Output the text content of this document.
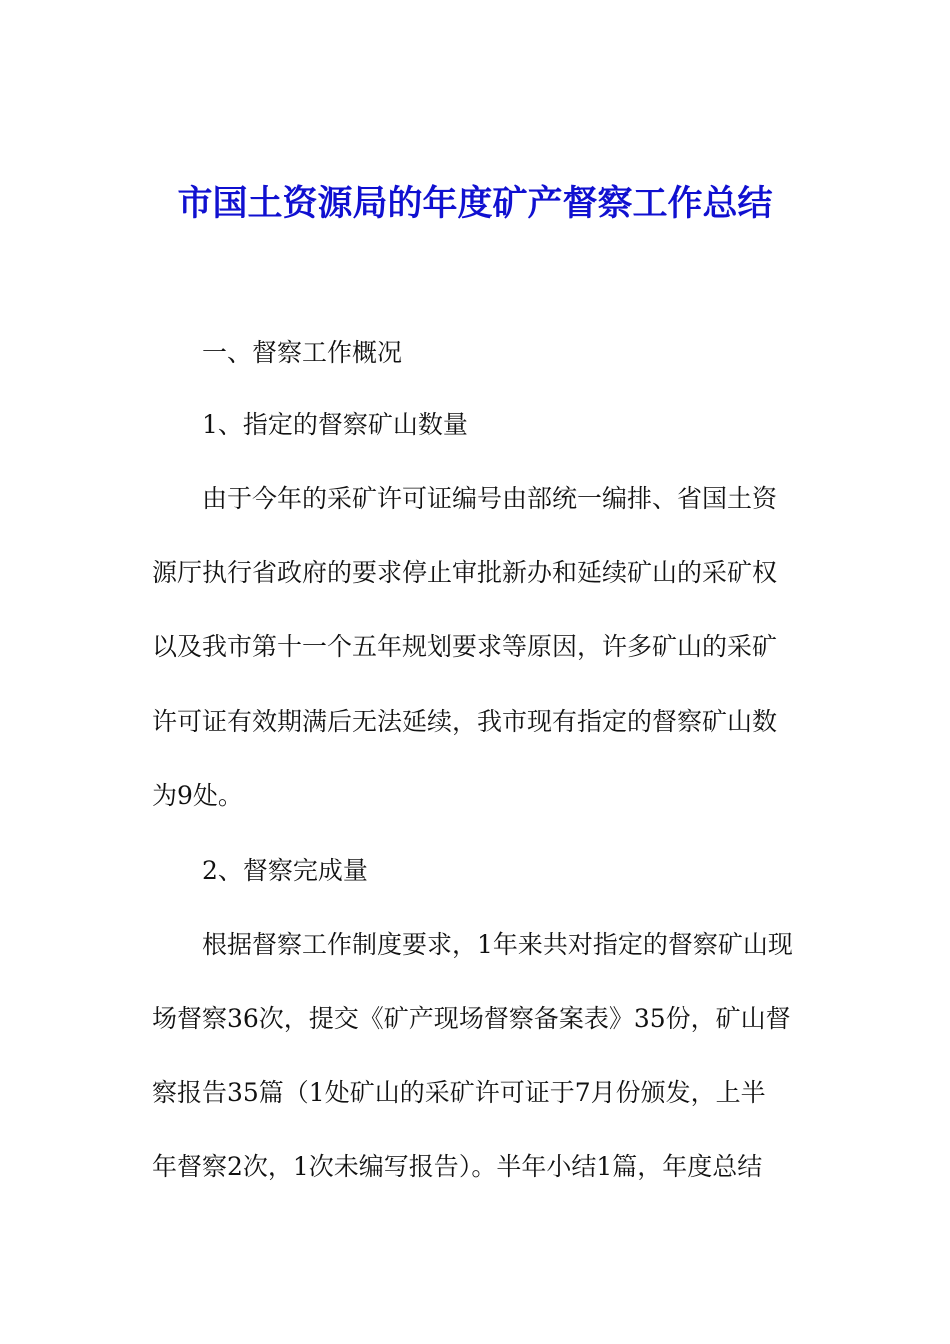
市国土资源局的年度矿产督察工作总结
一、督察工作概况
1、指定的督察矿山数量
由于今年的采矿许可证编号由部统一编排、省国土资
源厅执行省政府的要求停止审批新办和延续矿山的采矿权
以及我市第十一个五年规划要求等原因，许多矿山的采矿
许可证有效期满后无法延续，我市现有指定的督察矿山数
为9处。
2、督察完成量
根据督察工作制度要求，1年来共对指定的督察矿山现
场督察36次，提交《矿产现场督察备案表》35份，矿山督
察报告35篇（1处矿山的采矿许可证于7月份颁发，上半
年督察2次，1次未编写报告）。半年小结1篇，年度总结
